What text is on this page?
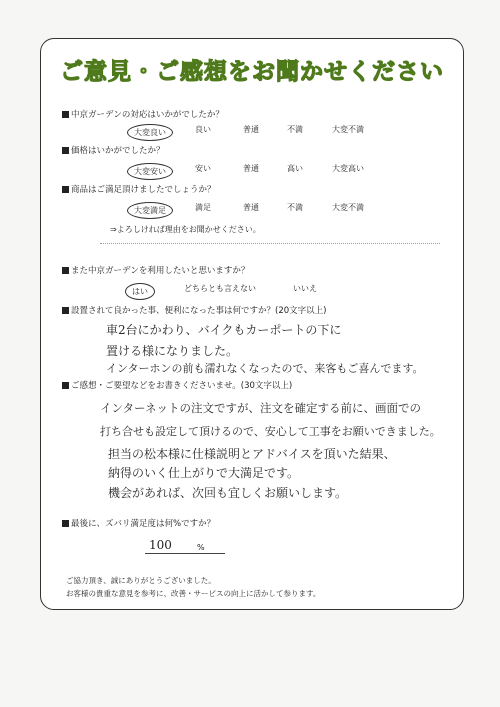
ご意見・ご感想をお聞かせください
中京ガーデンの対応はいかがでしたか？
大変良い	良い	普通	不満	大変不満
価格はいかがでしたか？
大変安い	安い	普通	高い	大変高い
商品はご満足頂けましたでしょうか？
大変満足	満足	普通	不満	大変不満
⇒よろしければ理由をお聞かせください。
また中京ガーデンを利用したいと思いますか？
はい	どちらとも言えない	いいえ
設置されて良かった事、便利になった事は何ですか？(20文字以上)
車2台にかわり、バイクもカーポートの下に
置ける様になりました。
インターホンの前も濡れなくなったので、来客もご喜んでます。
ご感想・ご要望などをお書きくださいませ。(30文字以上)
インターネットの注文ですが、注文を確定する前に、画面での
打ち合せも設定して頂けるので、安心して工事をお願いできました。
担当の松本様に仕様説明とアドバイスを頂いた結果、
納得のいく仕上がりで大満足です。
機会があれば、次回も宜しくお願いします。
最後に、ズバリ満足度は何%ですか？
100	%
ご協力頂き、誠にありがとうございました。
お客様の貴重な意見を参考に、改善・サービスの向上に活かして参ります。
